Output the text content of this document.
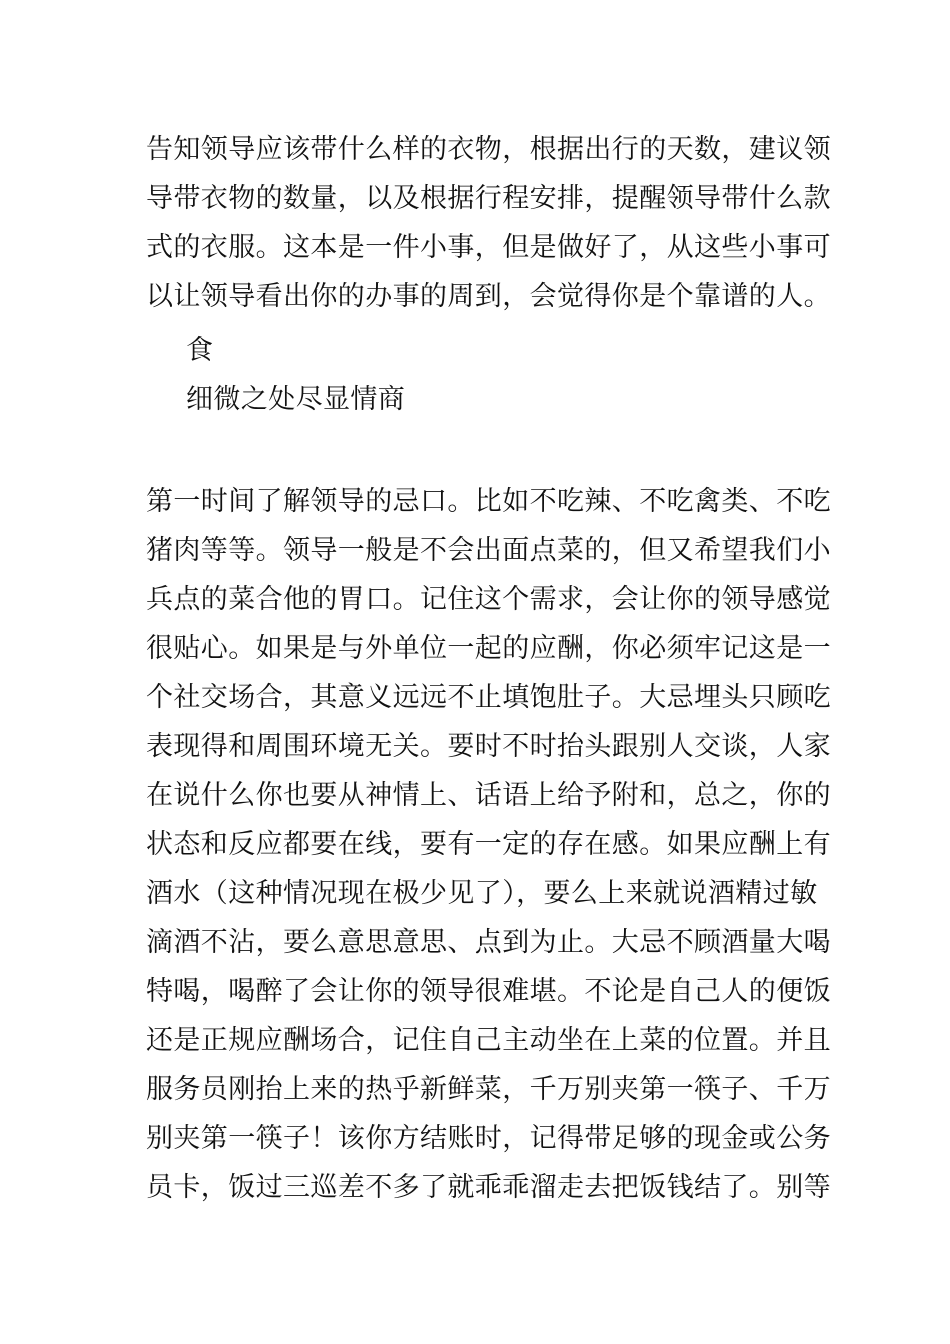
告知领导应该带什么样的衣物，根据出行的天数，建议领
导带衣物的数量，以及根据行程安排，提醒领导带什么款
式的衣服。这本是一件小事，但是做好了，从这些小事可
以让领导看出你的办事的周到，会觉得你是个靠谱的人。
食
细微之处尽显情商
第一时间了解领导的忌口。比如不吃辣、不吃禽类、不吃
猪肉等等。领导一般是不会出面点菜的，但又希望我们小
兵点的菜合他的胃口。记住这个需求，会让你的领导感觉
很贴心。如果是与外单位一起的应酬，你必须牢记这是一
个社交场合，其意义远远不止填饱肚子。大忌埋头只顾吃
表现得和周围环境无关。要时不时抬头跟别人交谈，人家
在说什么你也要从神情上、话语上给予附和，总之，你的
状态和反应都要在线，要有一定的存在感。如果应酬上有
酒水（这种情况现在极少见了），要么上来就说酒精过敏
滴酒不沾，要么意思意思、点到为止。大忌不顾酒量大喝
特喝，喝醉了会让你的领导很难堪。不论是自己人的便饭
还是正规应酬场合，记住自己主动坐在上菜的位置。并且
服务员刚抬上来的热乎新鲜菜，千万别夹第一筷子、千万
别夹第一筷子！该你方结账时，记得带足够的现金或公务
员卡，饭过三巡差不多了就乖乖溜走去把饭钱结了。别等
